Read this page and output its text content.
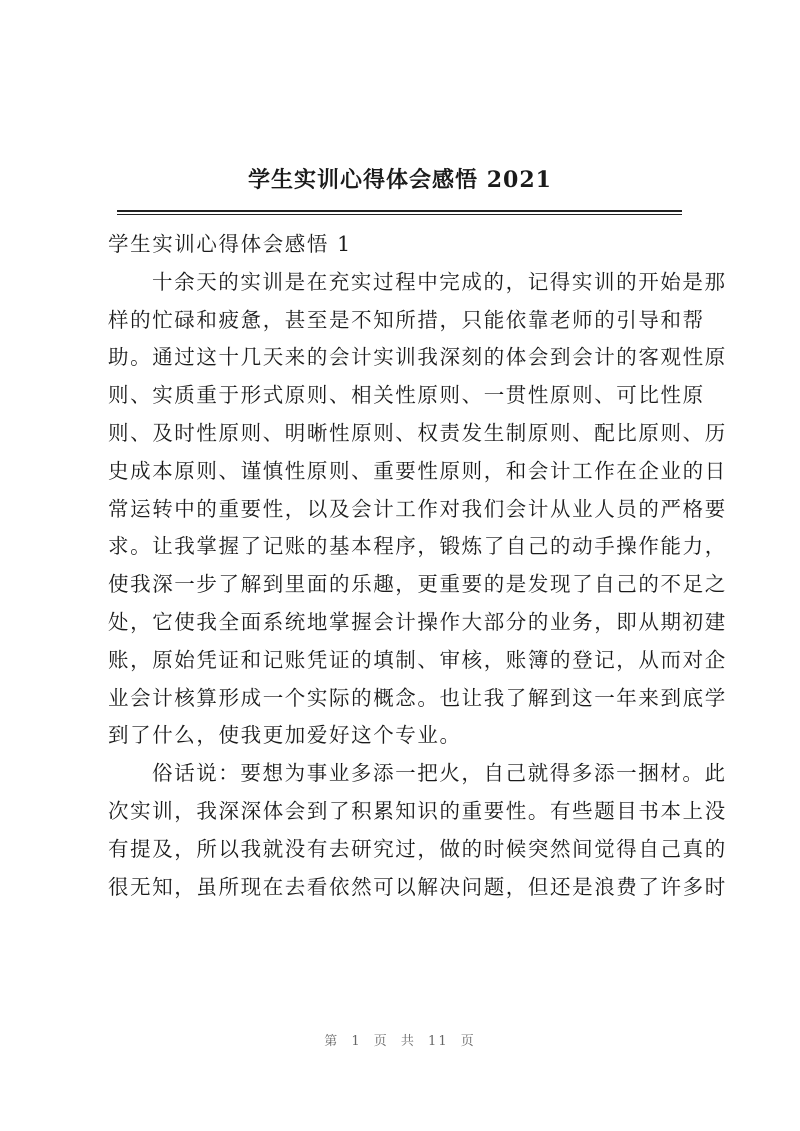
学生实训心得体会感悟 2021
学生实训心得体会感悟 1
十余天的实训是在充实过程中完成的，记得实训的开始是那
样的忙碌和疲惫，甚至是不知所措，只能依靠老师的引导和帮
助。通过这十几天来的会计实训我深刻的体会到会计的客观性原
则、实质重于形式原则、相关性原则、一贯性原则、可比性原
则、及时性原则、明晰性原则、权责发生制原则、配比原则、历
史成本原则、谨慎性原则、重要性原则，和会计工作在企业的日
常运转中的重要性，以及会计工作对我们会计从业人员的严格要
求。让我掌握了记账的基本程序，锻炼了自己的动手操作能力，
使我深一步了解到里面的乐趣，更重要的是发现了自己的不足之
处，它使我全面系统地掌握会计操作大部分的业务，即从期初建
账，原始凭证和记账凭证的填制、审核，账簿的登记，从而对企
业会计核算形成一个实际的概念。也让我了解到这一年来到底学
到了什么，使我更加爱好这个专业。
俗话说：要想为事业多添一把火，自己就得多添一捆材。此
次实训，我深深体会到了积累知识的重要性。有些题目书本上没
有提及，所以我就没有去研究过，做的时候突然间觉得自己真的
很无知，虽所现在去看依然可以解决问题，但还是浪费了许多时
第 1 页 共 11 页
